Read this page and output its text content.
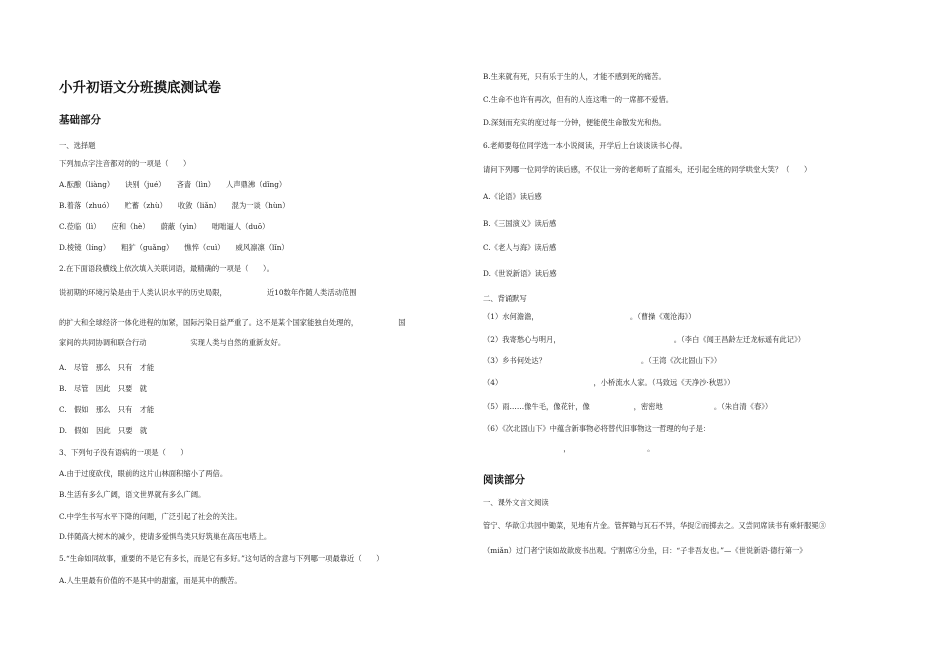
小升初语文分班摸底测试卷
基础部分
一、选择题
下列加点字注音都对的的一项是（　　）
A.酝酿（liàng）　　诀别（jué）　　吝啬（lìn）　　人声鼎沸（dǐng）
B.着落（zhuó）　　贮蓄（zhù）　　收敛（liǎn）　　混为一谈（hùn）
C.莅临（lì）　　应和（hè）　　蔚蔽（yìn）　　咄咄逼人（duō）
D.棱镜（líng）　　粗犷（guǎng）　　憔悴（cuì）　　威风凛凛（lǐn）
2.在下面语段横线上依次填入关联词语，最精确的一项是（　　）。
说初期的环境污染是由于人类认识水平的历史局限，　　　　　　近10数年作随人类活动范围
的扩大和全球经济一体化进程的加紧，国际污染日益严重了。这不是某个国家能独自处理的，　　　　　　国
家间的共同协调和联合行动　　　　　　实现人类与自然的重新友好。
A.　尽管　那么　只有　才能
B.　尽管　因此　只要　就
C.　假如　那么　只有　才能
D.　假如　因此　只要　就
3、下列句子没有语病的一项是（　　）
A.由于过度砍伐，眼前的这片山林面积缩小了两倍。
B.生活有多么广阔，语文世界就有多么广阔。
C.中学生书写水平下降的问题，广泛引起了社会的关注。
D.伴随高大树木的减少，使请多爱惧鸟类只好筑巢在高压电塔上。
5.“生命如同故事，重要的不是它有多长，而是它有多好。”这句话的含意与下列哪一项最靠近（　　）
A.人生里最有价值的不是其中的甜蜜，而是其中的酸苦。
B.生来就有死，只有乐于生的人，才能不感到死的痛苦。
C.生命不也许有再次，但有的人连这唯一的一席都不爱惜。
D.深刻而充实的度过每一分钟，便能使生命散发光和热。
6.老师要每位同学选一本小说阅读，开学后上台谈谈读书心得。
请问下列哪一位同学的读后感，不仅让一旁的老师听了直摇头，还引起全班的同学哄堂大笑？（　　）
A.《论语》读后感
B.《三国演义》读后感
C.《老人与海》读后感
D.《世说新语》读后感
二、背诵默写
（1）水何澹澹，　　　　　　　　　　　　　。（曹操《观沧海》）
（2）我寄愁心与明月，　　　　　　　　　　　　　　　　。（李白《闻王昌龄左迁龙标遥有此记》）
（3）乡书何处达？　　　　　　　　　　　　　。（王湾《次北固山下》）
（4）　　　　　　　　　　　　　，小桥流水人家。（马致远《天净沙·秋思》）
（5）雨……像牛毛，像花针，像　　　　　　，密密地　　　　　　　。（朱自清《春》）
（6）《次北固山下》中蕴含新事物必将替代旧事物这一哲理的句子是：
　　　　　　　　　　　，　　　　　　　　　　　。
阅读部分
一、课外文言文阅读
管宁、华歆①共园中锄菜，见地有片金。管挥锄与瓦石不异，华捉②而掷去之。又尝同席读书有乘轩服冕③
（miǎn）过门者宁读如故歆废书出观。宁割席④分坐，曰：“子非吾友也。”—《世说新语·德行第一》
